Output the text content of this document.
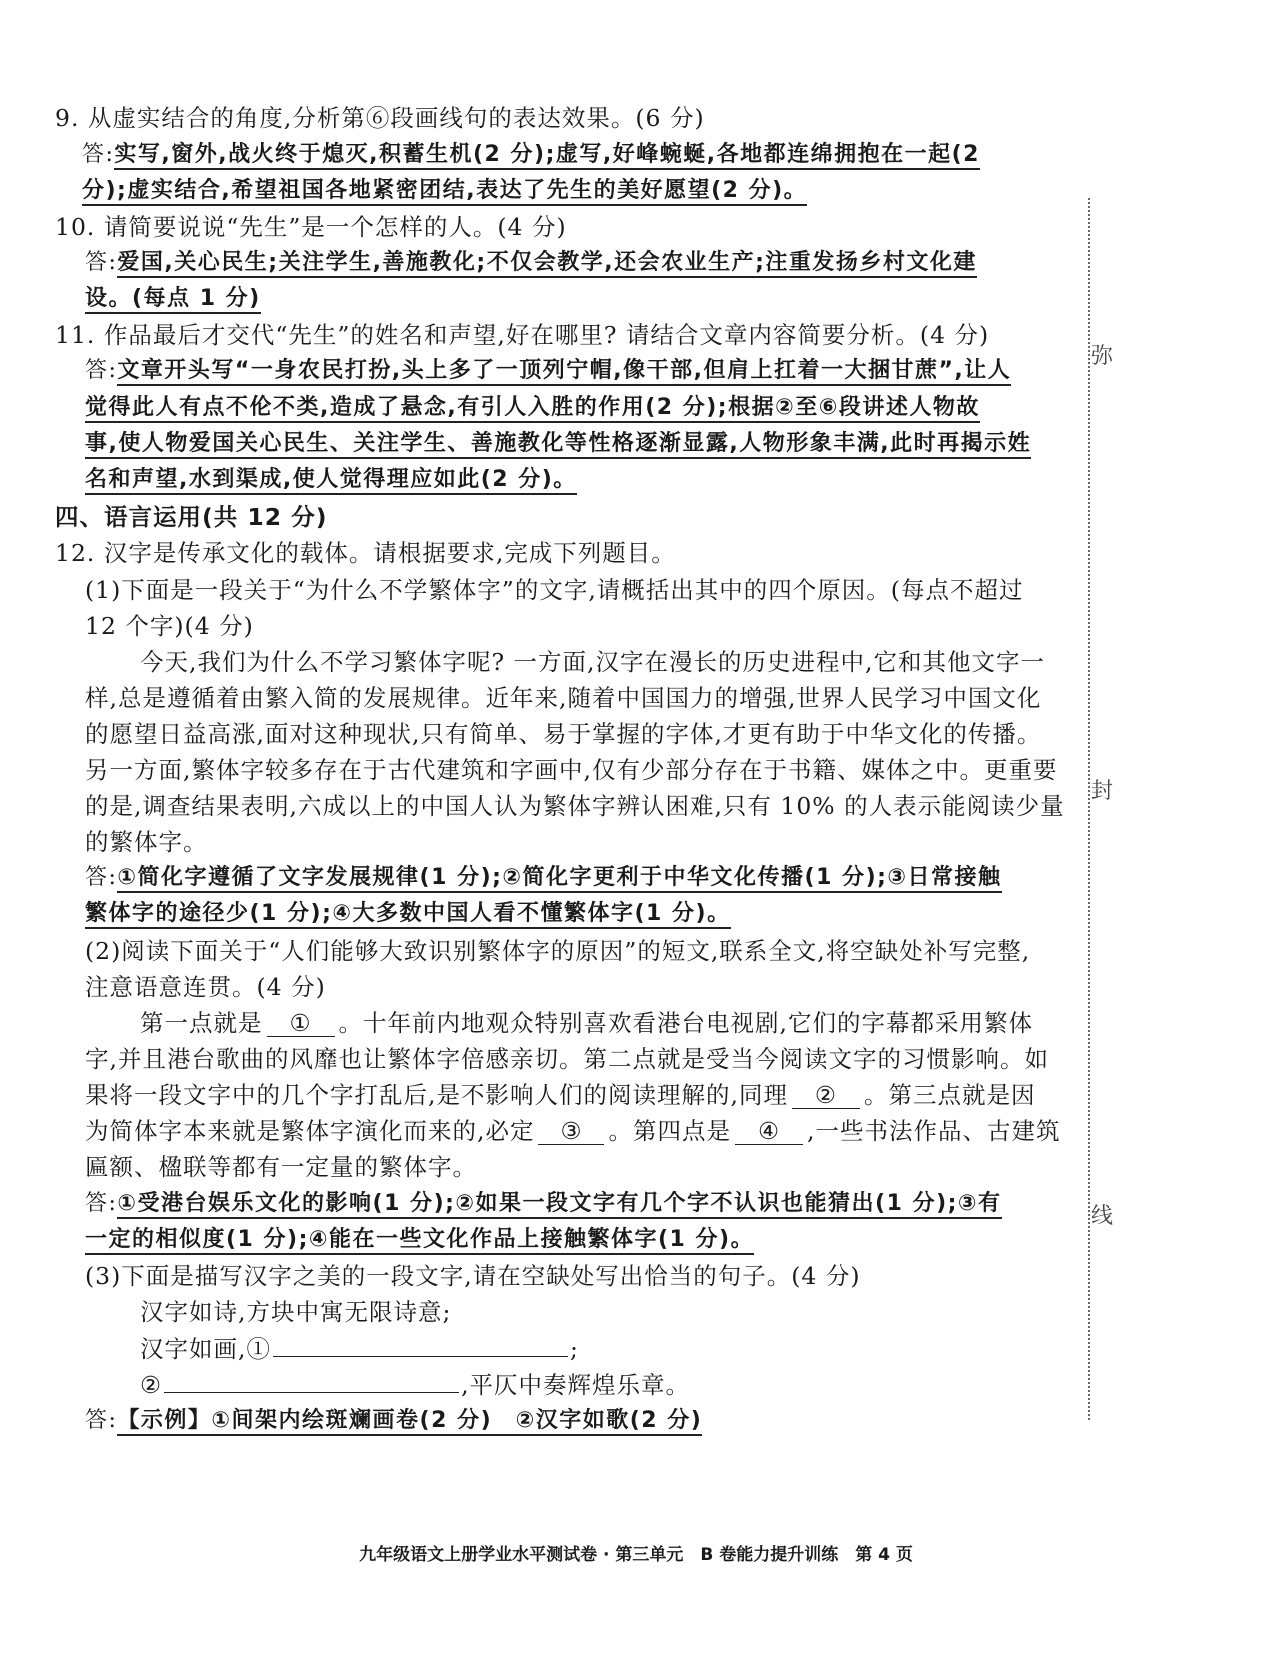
9. 从虚实结合的角度,分析第⑥段画线句的表达效果。(6 分)
答:实写,窗外,战火终于熄灭,积蓄生机(2 分);虚写,好峰蜿蜒,各地都连绵拥抱在一起(2
分);虚实结合,希望祖国各地紧密团结,表达了先生的美好愿望(2 分)。
10. 请简要说说“先生”是一个怎样的人。(4 分)
答:爱国,关心民生;关注学生,善施教化;不仅会教学,还会农业生产;注重发扬乡村文化建
设。(每点 1 分)
11. 作品最后才交代“先生”的姓名和声望,好在哪里? 请结合文章内容简要分析。(4 分)
答:文章开头写“一身农民打扮,头上多了一顶列宁帽,像干部,但肩上扛着一大捆甘蔗”,让人
觉得此人有点不伦不类,造成了悬念,有引人入胜的作用(2 分);根据②至⑥段讲述人物故
事,使人物爱国关心民生、关注学生、善施教化等性格逐渐显露,人物形象丰满,此时再揭示姓
名和声望,水到渠成,使人觉得理应如此(2 分)。
四、语言运用(共 12 分)
12. 汉字是传承文化的载体。请根据要求,完成下列题目。
(1)下面是一段关于“为什么不学繁体字”的文字,请概括出其中的四个原因。(每点不超过
12 个字)(4 分)
今天,我们为什么不学习繁体字呢? 一方面,汉字在漫长的历史进程中,它和其他文字一
样,总是遵循着由繁入简的发展规律。近年来,随着中国国力的增强,世界人民学习中国文化
的愿望日益高涨,面对这种现状,只有简单、易于掌握的字体,才更有助于中华文化的传播。
另一方面,繁体字较多存在于古代建筑和字画中,仅有少部分存在于书籍、媒体之中。更重要
的是,调查结果表明,六成以上的中国人认为繁体字辨认困难,只有 10% 的人表示能阅读少量
的繁体字。
答:①简化字遵循了文字发展规律(1 分);②简化字更利于中华文化传播(1 分);③日常接触
繁体字的途径少(1 分);④大多数中国人看不懂繁体字(1 分)。
(2)阅读下面关于“人们能够大致识别繁体字的原因”的短文,联系全文,将空缺处补写完整,
注意语意连贯。(4 分)
第一点就是 ① 。十年前内地观众特别喜欢看港台电视剧,它们的字幕都采用繁体
字,并且港台歌曲的风靡也让繁体字倍感亲切。第二点就是受当今阅读文字的习惯影响。如
果将一段文字中的几个字打乱后,是不影响人们的阅读理解的,同理 ② 。第三点就是因
为简体字本来就是繁体字演化而来的,必定 ③ 。第四点是 ④ ,一些书法作品、古建筑
匾额、楹联等都有一定量的繁体字。
答:①受港台娱乐文化的影响(1 分);②如果一段文字有几个字不认识也能猜出(1 分);③有
一定的相似度(1 分);④能在一些文化作品上接触繁体字(1 分)。
(3)下面是描写汉字之美的一段文字,请在空缺处写出恰当的句子。(4 分)
汉字如诗,方块中寓无限诗意;
汉字如画,①	;
②	,平仄中奏辉煌乐章。
答:【示例】①间架内绘斑斓画卷(2 分)　②汉字如歌(2 分)
弥
封
线
九年级语文上册学业水平测试卷 · 第三单元　B 卷能力提升训练　第 4 页
